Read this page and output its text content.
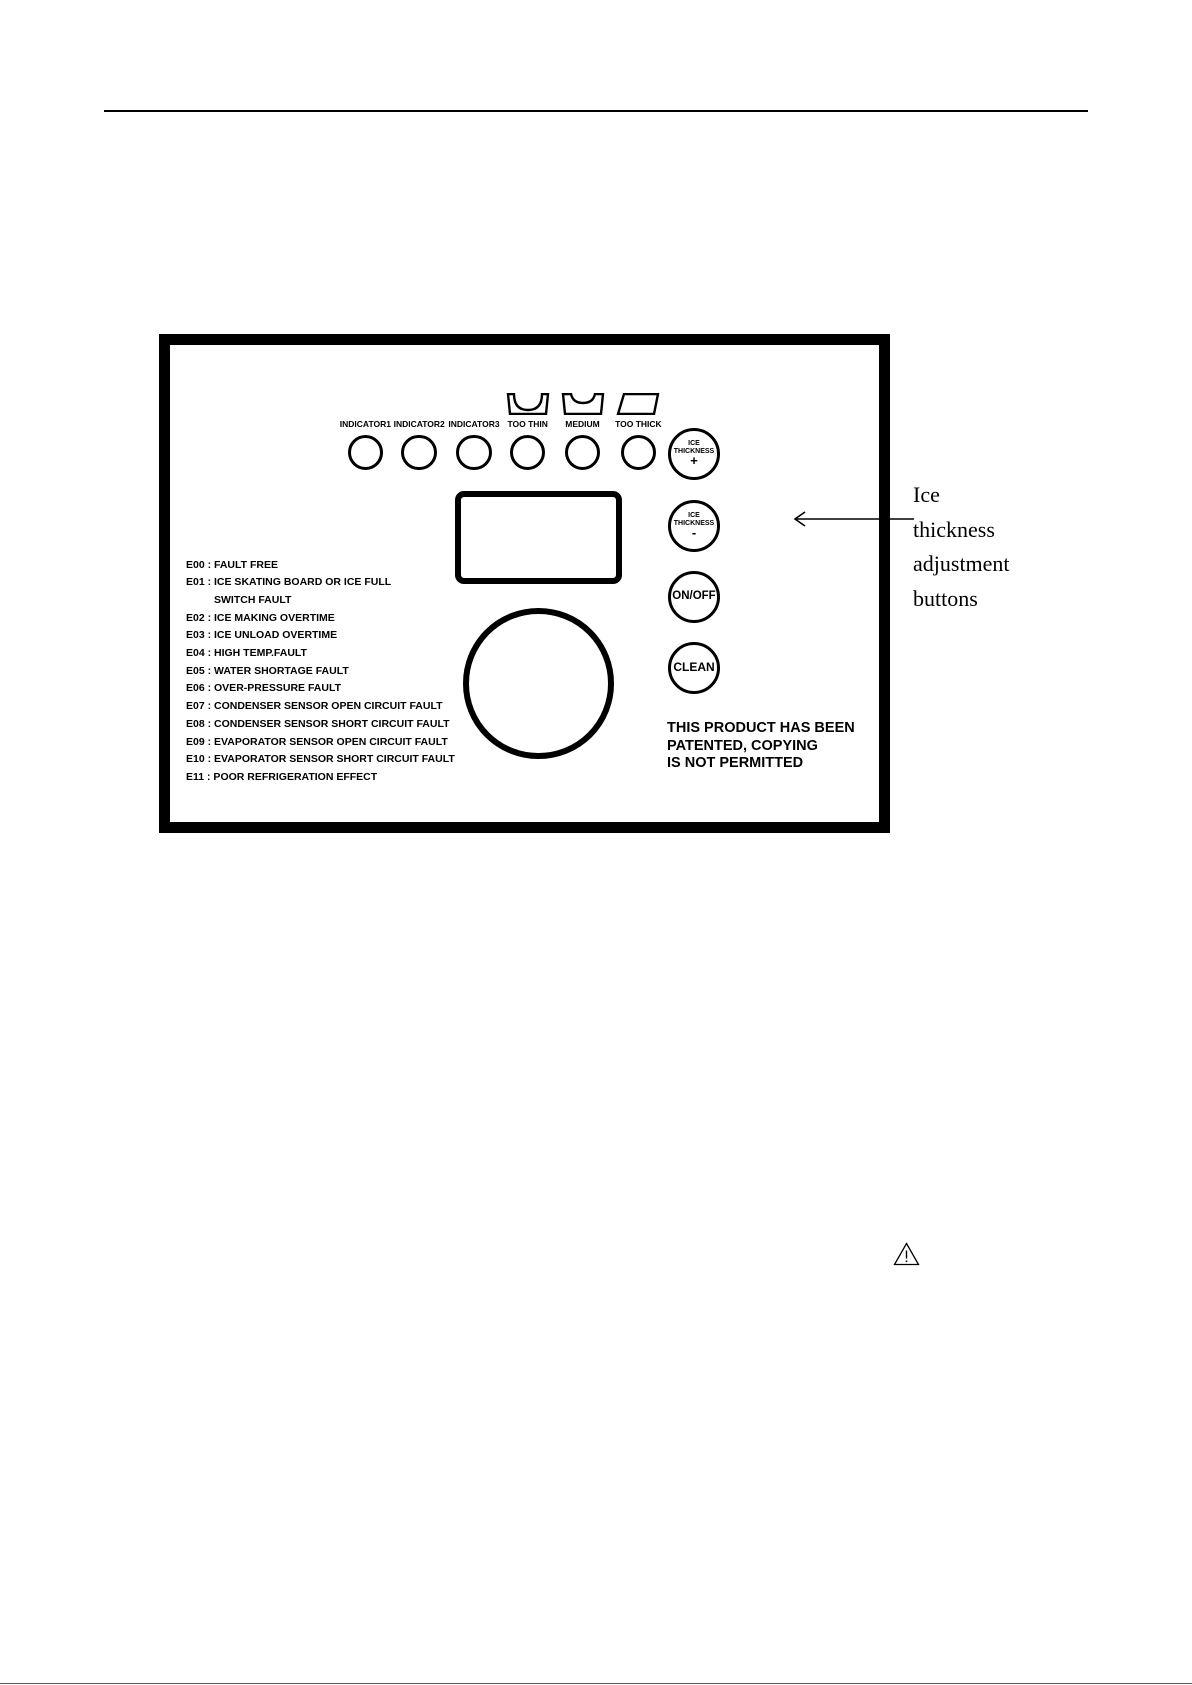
INDICATOR1 INDICATOR2 INDICATOR3 TOO THIN	MEDIUM	TOO THICK
ICE
THICKNESS
+
ICE
THICKNESS
-
ON/OFF
CLEAN
E00 : FAULT FREE
E01 : ICE SKATING BOARD OR ICE FULL
SWITCH FAULT
E02 : ICE MAKING OVERTIME
E03 : ICE UNLOAD OVERTIME
E04 : HIGH TEMP.FAULT
E05 : WATER SHORTAGE FAULT
E06 : OVER-PRESSURE FAULT
E07 : CONDENSER SENSOR OPEN CIRCUIT FAULT
E08 : CONDENSER SENSOR SHORT CIRCUIT FAULT
E09 : EVAPORATOR SENSOR OPEN CIRCUIT FAULT
E10 : EVAPORATOR SENSOR SHORT CIRCUIT FAULT
E11 : POOR REFRIGERATION EFFECT
THIS PRODUCT HAS BEEN
PATENTED, COPYING
IS NOT PERMITTED
Ice
thickness
adjustment
buttons
